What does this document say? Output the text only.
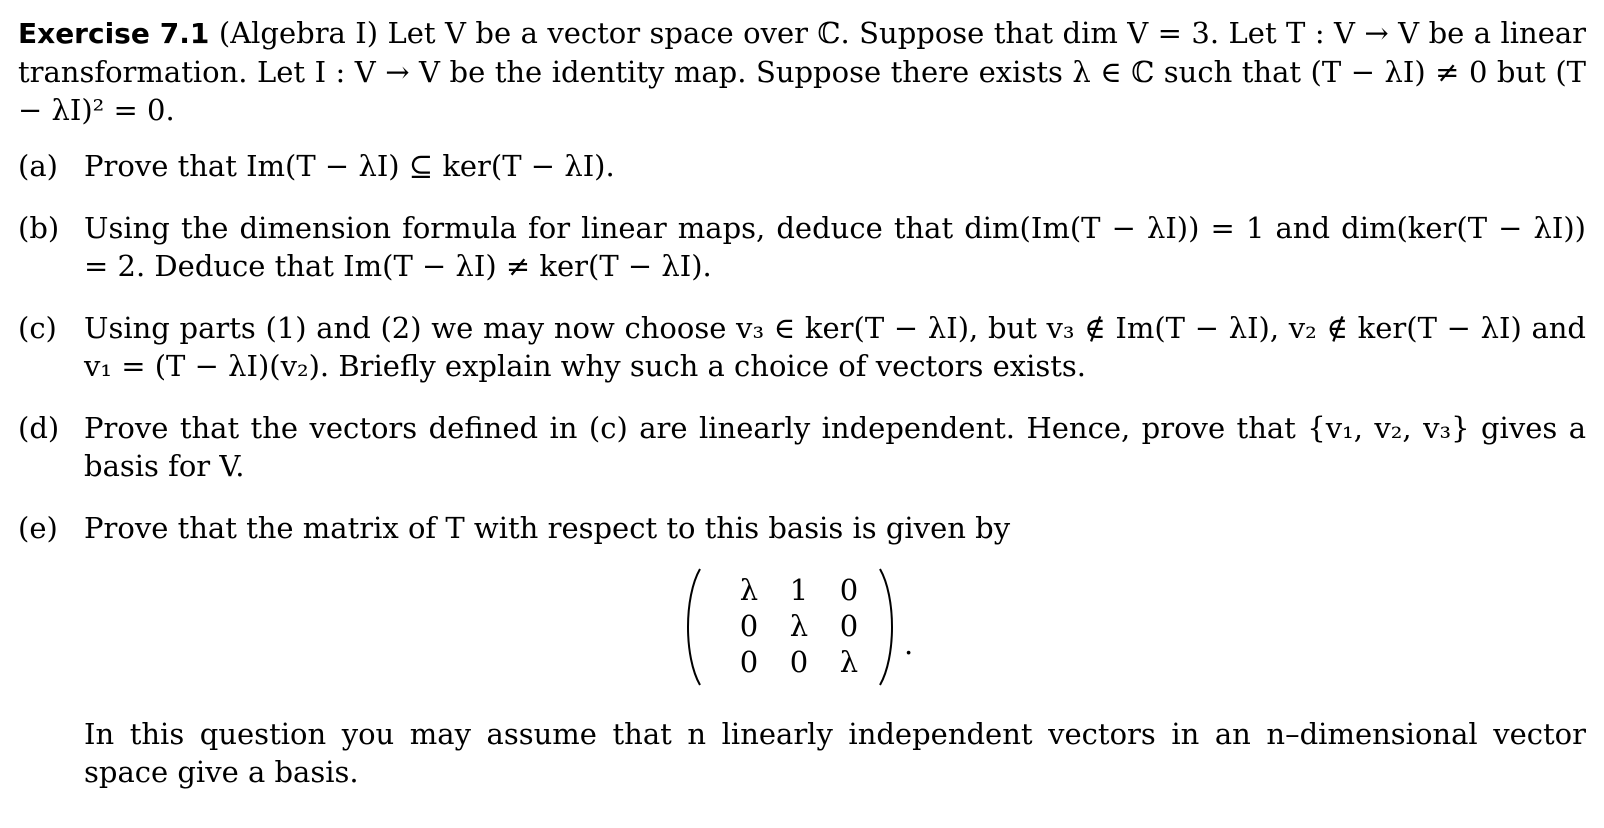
Exercise 7.1 (Algebra I) Let V be a vector space over ℂ. Suppose that dim V = 3. Let T : V → V be a linear transformation. Let I : V → V be the identity map. Suppose there exists λ ∈ ℂ such that (T − λI) ≠ 0 but (T − λI)² = 0.
(a) Prove that Im(T − λI) ⊆ ker(T − λI).
(b) Using the dimension formula for linear maps, deduce that dim(Im(T − λI)) = 1 and dim(ker(T − λI)) = 2. Deduce that Im(T − λI) ≠ ker(T − λI).
(c) Using parts (1) and (2) we may now choose v₃ ∈ ker(T − λI), but v₃ ∉ Im(T − λI), v₂ ∉ ker(T − λI) and v₁ = (T − λI)(v₂). Briefly explain why such a choice of vectors exists.
(d) Prove that the vectors defined in (c) are linearly independent. Hence, prove that {v₁, v₂, v₃} gives a basis for V.
(e) Prove that the matrix of T with respect to this basis is given by
λ	1	0
0	λ	0
0	0	λ
.
In this question you may assume that n linearly independent vectors in an n–dimensional vector space give a basis.
